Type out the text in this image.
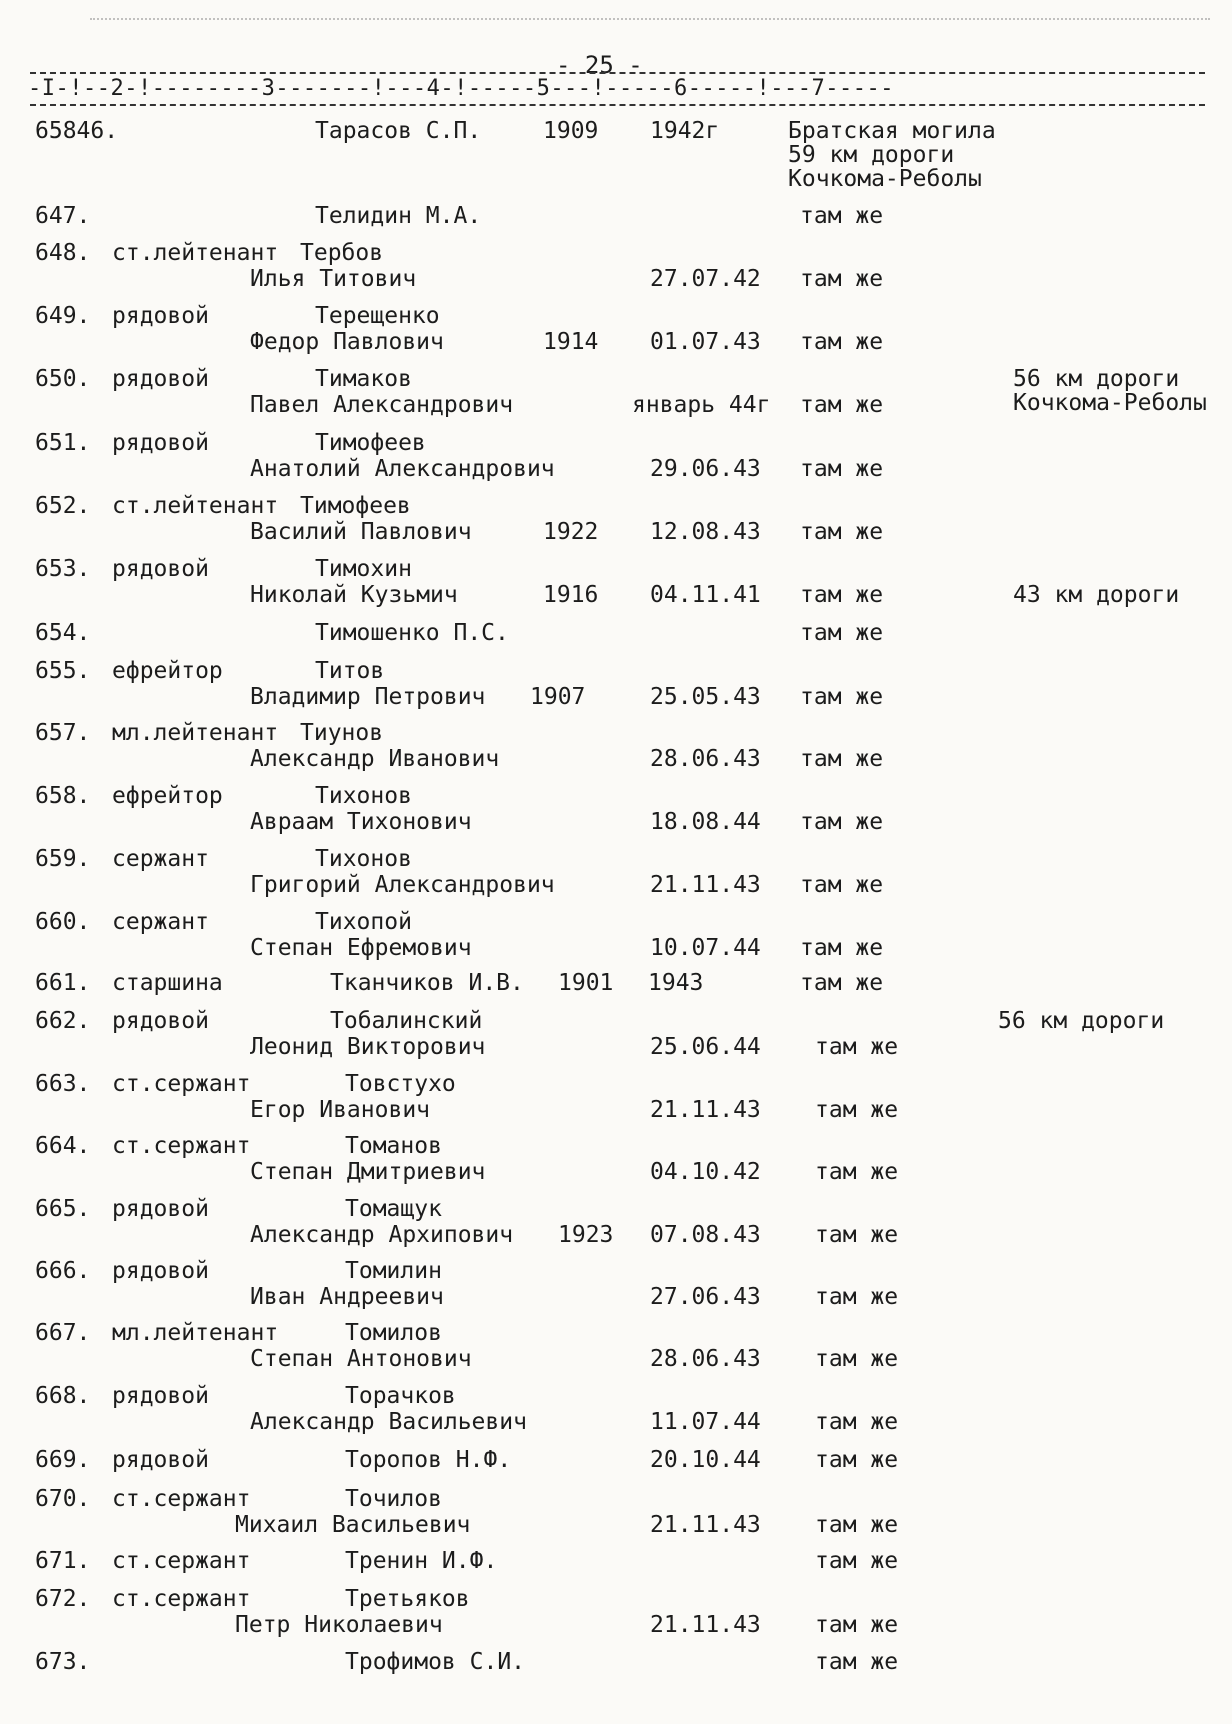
- 25 -
-I-!--2-!--------3-------!---4-!-----5---!-----6-----!---7-----
65846.	Тарасов С.П.	1909 1942г	Братская могила
59 км дороги
Кочкома-Реболы
647.	Телидин М.А.	там же
648. ст.лейтенант Тербов
Илья Титович	27.07.42 там же
649. рядовой	Терещенко
Федор Павлович	1914 01.07.43 там же
650. рядовой	Тимаков
Павел Александрович	январь 44г там же
56 км дороги
Кочкома-Реболы
651. рядовой	Тимофеев
Анатолий Александрович	29.06.43 там же
652. ст.лейтенант Тимофеев
Василий Павлович	1922 12.08.43 там же
653. рядовой	Тимохин
Николай Кузьмич	1916 04.11.41 там же	43 км дороги
654.	Тимошенко П.С.	там же
655. ефрейтор	Титов
Владимир Петрович 1907	25.05.43 там же
657. мл.лейтенант Тиунов
Александр Иванович	28.06.43 там же
658. ефрейтор	Тихонов
Авраам Тихонович	18.08.44 там же
659. сержант	Тихонов
Григорий Александрович	21.11.43 там же
660. сержант	Тихопой
Степан Ефремович	10.07.44 там же
661. старшина	Тканчиков И.В. 1901 1943	там же
662. рядовой	Тобалинский
Леонид Викторович	25.06.44 там же
56 км дороги
663. ст.сержант	Товстухо
Егор Иванович	21.11.43 там же
664. ст.сержант	Томанов
Степан Дмитриевич	04.10.42 там же
665. рядовой	Томащук
Александр Архипович 1923 07.08.43 там же
666. рядовой	Томилин
Иван Андреевич	27.06.43 там же
667. мл.лейтенант	Томилов
Степан Антонович	28.06.43 там же
668. рядовой	Торачков
Александр Васильевич	11.07.44 там же
669. рядовой	Торопов Н.Ф.	20.10.44 там же
670. ст.сержант	Точилов
Михаил Васильевич	21.11.43 там же
671. ст.сержант	Тренин И.Ф.	там же
672. ст.сержант	Третьяков
Петр Николаевич	21.11.43 там же
673.	Трофимов С.И.	там же
